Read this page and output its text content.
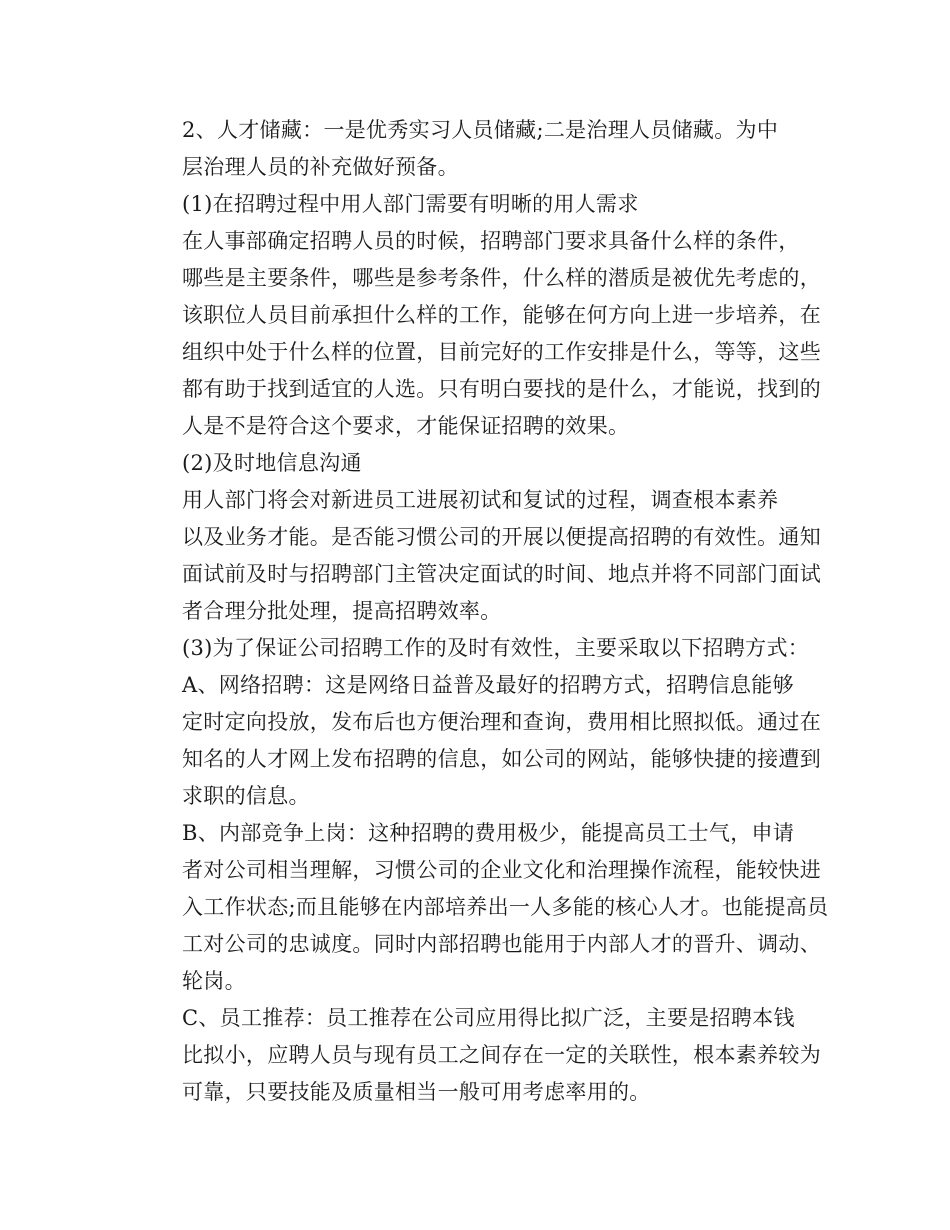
2、人才储藏：一是优秀实习人员储藏;二是治理人员储藏。为中
层治理人员的补充做好预备。

(1)在招聘过程中用人部门需要有明晰的用人需求

在人事部确定招聘人员的时候，招聘部门要求具备什么样的条件，
哪些是主要条件，哪些是参考条件，什么样的潜质是被优先考虑的，
该职位人员目前承担什么样的工作，能够在何方向上进一步培养，在
组织中处于什么样的位置，目前完好的工作安排是什么，等等，这些
都有助于找到适宜的人选。只有明白要找的是什么，才能说，找到的
人是不是符合这个要求，才能保证招聘的效果。

(2)及时地信息沟通

用人部门将会对新进员工进展初试和复试的过程，调查根本素养
以及业务才能。是否能习惯公司的开展以便提高招聘的有效性。通知
面试前及时与招聘部门主管决定面试的时间、地点并将不同部门面试
者合理分批处理，提高招聘效率。

(3)为了保证公司招聘工作的及时有效性，主要采取以下招聘方式：

A、网络招聘：这是网络日益普及最好的招聘方式，招聘信息能够
定时定向投放，发布后也方便治理和查询，费用相比照拟低。通过在
知名的人才网上发布招聘的信息，如公司的网站，能够快捷的接遭到
求职的信息。

B、内部竞争上岗：这种招聘的费用极少，能提高员工士气，申请
者对公司相当理解，习惯公司的企业文化和治理操作流程，能较快进
入工作状态;而且能够在内部培养出一人多能的核心人才。也能提高员
工对公司的忠诚度。同时内部招聘也能用于内部人才的晋升、调动、
轮岗。

C、员工推荐：员工推荐在公司应用得比拟广泛，主要是招聘本钱
比拟小，应聘人员与现有员工之间存在一定的关联性，根本素养较为
可靠，只要技能及质量相当一般可用考虑率用的。
